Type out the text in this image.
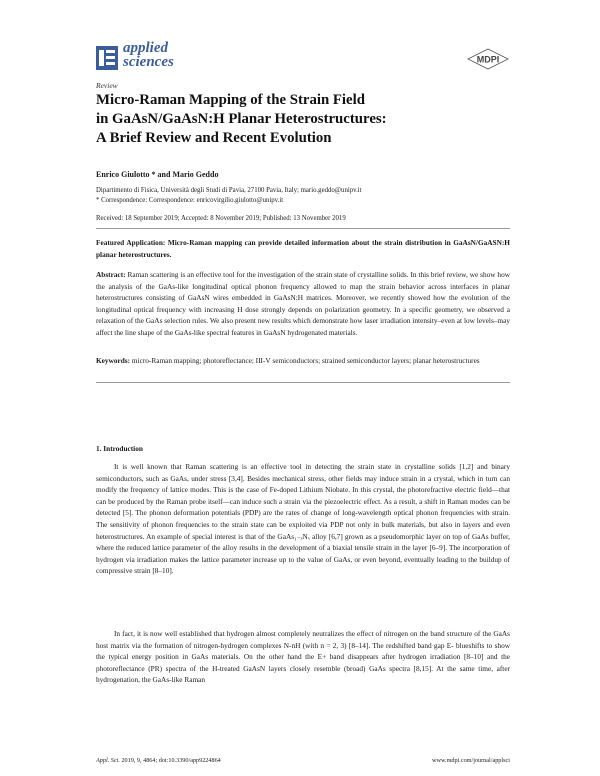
applied
sciences	MDPI
Review
Micro-Raman Mapping of the Strain Field
in GaAsN/GaAsN:H Planar Heterostructures:
A Brief Review and Recent Evolution
Enrico Giulotto * and Mario Geddo
Dipartimento di Fisica, Università degli Studi di Pavia, 27100 Pavia, Italy; mario.geddo@unipv.it
* Correspondence: Correspondence: enricovirgilio.giulotto@unipv.it
Received: 18 September 2019; Accepted: 8 November 2019; Published: 13 November 2019
Featured Application: Micro-Raman mapping can provide detailed information about the strain distribution in GaAsN/GaASN:H planar heterostructures.
Abstract: Raman scattering is an effective tool for the investigation of the strain state of crystalline solids. In this brief review, we show how the analysis of the GaAs-like longitudinal optical phonon frequency allowed to map the strain behavior across interfaces in planar heterostructures consisting of GaAsN wires embedded in GaAsN:H matrices. Moreover, we recently showed how the evolution of the longitudinal optical frequency with increasing H dose strongly depends on polarization geometry. In a specific geometry, we observed a relaxation of the GaAs selection rules. We also present new results which demonstrate how laser irradiation intensity–even at low levels–may affect the line shape of the GaAs-like spectral features in GaAsN hydrogenated materials.
Keywords: micro-Raman mapping; photoreflectance; III-V semiconductors; strained semiconductor layers; planar heterostructures
1. Introduction
It is well known that Raman scattering is an effective tool in detecting the strain state in crystalline solids [1,2] and binary semiconductors, such as GaAs, under stress [3,4]. Besides mechanical stress, other fields may induce strain in a crystal, which in turn can modify the frequency of lattice modes. This is the case of Fe-doped Lithium Niobate. In this crystal, the photorefractive electric field—that can be produced by the Raman probe itself—can induce such a strain via the piezoelectric effect. As a result, a shift in Raman modes can be detected [5]. The phonon deformation potentials (PDP) are the rates of change of long-wavelength optical phonon frequencies with strain. The sensitivity of phonon frequencies to the strain state can be exploited via PDP not only in bulk materials, but also in layers and even heterostructures. An example of special interest is that of the GaAs₁₋ₓNₓ alloy [6,7] grown as a pseudomorphic layer on top of GaAs buffer, where the reduced lattice parameter of the alloy results in the development of a biaxial tensile strain in the layer [6–9]. The incorporation of hydrogen via irradiation makes the lattice parameter increase up to the value of GaAs, or even beyond, eventually leading to the buildup of compressive strain [8–10].
In fact, it is now well established that hydrogen almost completely neutralizes the effect of nitrogen on the band structure of the GaAs host matrix via the formation of nitrogen-hydrogen complexes N-nH (with n = 2, 3) [8–14]. The redshifted band gap E- blueshifts to show the typical energy position in GaAs materials. On the other hand the E+ band disappears after hydrogen irradiation [8–10] and the photoreflectance (PR) spectra of the H-treated GaAsN layers closely resemble (broad) GaAs spectra [8,15]. At the same time, after hydrogenation, the GaAs-like Raman
Appl. Sci. 2019, 9, 4864; doi:10.3390/app9224864	www.mdpi.com/journal/applsci
